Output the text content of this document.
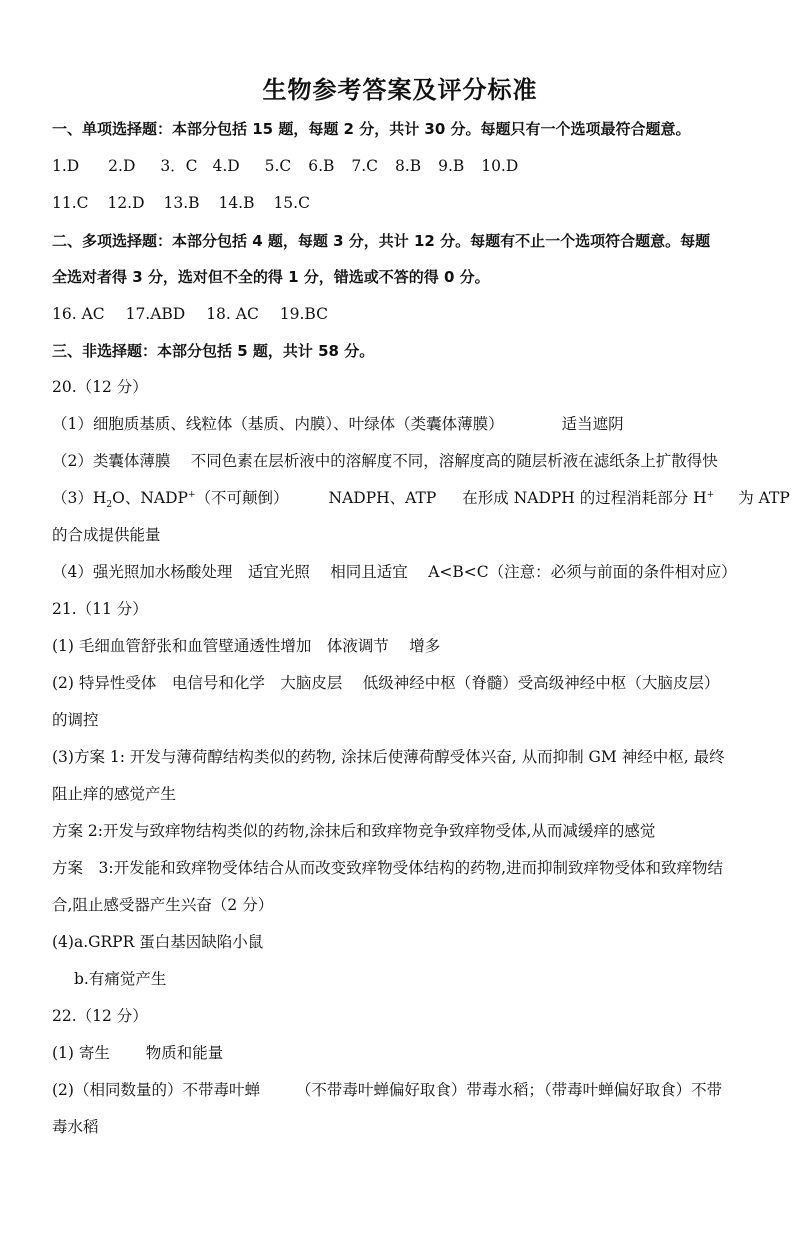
生物参考答案及评分标准
一、单项选择题：本部分包括 15 题，每题 2 分，共计 30 分。每题只有一个选项最符合题意。
1.D 2.D 3．C 4.D 5.C 6.B 7.C 8.B 9.B 10.D
11.C 12.D 13.B 14.B 15.C
二、多项选择题：本部分包括 4 题，每题 3 分，共计 12 分。每题有不止一个选项符合题意。每题
全选对者得 3 分，选对但不全的得 1 分，错选或不答的得 0 分。
16. AC 17.ABD 18. AC 19.BC
三、非选择题：本部分包括 5 题，共计 58 分。
20.（12 分）
（1）细胞质基质、线粒体（基质、内膜）、叶绿体（类囊体薄膜）	适当遮阴
（2）类囊体薄膜　 不同色素在层析液中的溶解度不同，溶解度高的随层析液在滤纸条上扩散得快
$(3)H_2O$、NADP+（不可颠倒）	NADPH、ATP 在形成 NADPH 的过程消耗部分 H+ 为 ATP
的合成提供能量
（4）强光照加水杨酸处理　适宜光照　 相同且适宜　 A<B<C（注意：必须与前面的条件相对应）
21.（11 分）
(1) 毛细血管舒张和血管壁通透性增加　体液调节　 增多
(2) 特异性受体　电信号和化学　大脑皮层　 低级神经中枢（脊髓）受高级神经中枢（大脑皮层）
的调控
(3)方案 1: 开发与薄荷醇结构类似的药物, 涂抹后使薄荷醇受体兴奋, 从而抑制 GM 神经中枢, 最终
阻止痒的感觉产生
方案 2:开发与致痒物结构类似的药物,涂抹后和致痒物竞争致痒物受体,从而减缓痒的感觉
方案　3:开发能和致痒物受体结合从而改变致痒物受体结构的药物,进而抑制致痒物受体和致痒物结
合,阻止感受器产生兴奋（2 分）
(4)a.GRPR 蛋白基因缺陷小鼠
b.有痛觉产生
22.（12 分）
(1) 寄生　　 物质和能量
(2)（相同数量的）不带毒叶蝉　　 （不带毒叶蝉偏好取食）带毒水稻；（带毒叶蝉偏好取食）不带
毒水稻
